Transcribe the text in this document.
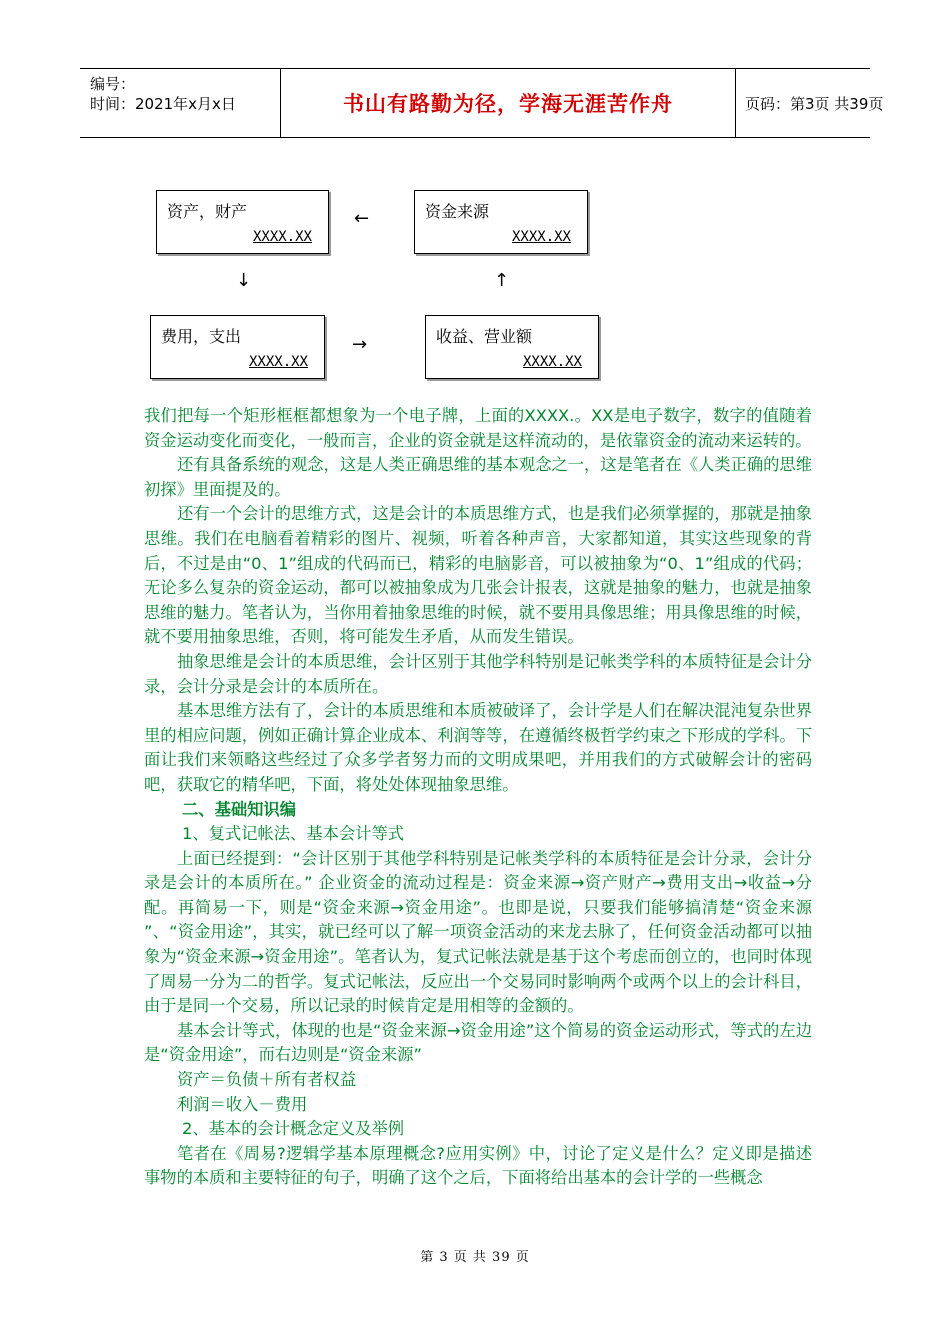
编号：
时间：2021年x月x日	书山有路勤为径，学海无涯苦作舟	页码：第3页 共39页
资产，财产
XXXX.XX
资金来源
XXXX.XX
费用，支出
XXXX.XX
收益、营业额
XXXX.XX
←
↓	↑
→

我们把每一个矩形框框都想象为一个电子牌，上面的XXXX.。XX是电子数字，数字的值随着资金运动变化而变化，一般而言，企业的资金就是这样流动的，是依靠资金的流动来运转的。

还有具备系统的观念，这是人类正确思维的基本观念之一，这是笔者在《人类正确的思维初探》里面提及的。

还有一个会计的思维方式，这是会计的本质思维方式，也是我们必须掌握的，那就是抽象思维。我们在电脑看着精彩的图片、视频，听着各种声音，大家都知道，其实这些现象的背后，不过是由“0、1”组成的代码而已，精彩的电脑影音，可以被抽象为“0、1”组成的代码；无论多么复杂的资金运动，都可以被抽象成为几张会计报表，这就是抽象的魅力，也就是抽象思维的魅力。笔者认为，当你用着抽象思维的时候，就不要用具像思维；用具像思维的时候，就不要用抽象思维，否则，将可能发生矛盾，从而发生错误。

抽象思维是会计的本质思维，会计区别于其他学科特别是记帐类学科的本质特征是会计分录，会计分录是会计的本质所在。

基本思维方法有了，会计的本质思维和本质被破译了，会计学是人们在解决混沌复杂世界里的相应问题，例如正确计算企业成本、利润等等，在遵循终极哲学约束之下形成的学科。下面让我们来领略这些经过了众多学者努力而的文明成果吧，并用我们的方式破解会计的密码吧，获取它的精华吧，下面，将处处体现抽象思维。

二、基础知识编

1、复式记帐法、基本会计等式

上面已经提到：“会计区别于其他学科特别是记帐类学科的本质特征是会计分录，会计分录是会计的本质所在。” 企业资金的流动过程是：资金来源→资产财产→费用支出→收益→分配。再简易一下，则是“资金来源→资金用途”。也即是说，只要我们能够搞清楚“资金来源 ”、“资金用途”，其实，就已经可以了解一项资金活动的来龙去脉了，任何资金活动都可以抽象为“资金来源→资金用途”。笔者认为，复式记帐法就是基于这个考虑而创立的，也同时体现了周易一分为二的哲学。复式记帐法，反应出一个交易同时影响两个或两个以上的会计科目，由于是同一个交易，所以记录的时候肯定是用相等的金额的。

基本会计等式，体现的也是“资金来源→资金用途”这个简易的资金运动形式，等式的左边是“资金用途”，而右边则是“资金来源”

资产＝负债＋所有者权益

利润＝收入－费用

2、基本的会计概念定义及举例

笔者在《周易?逻辑学基本原理概念?应用实例》中，讨论了定义是什么？定义即是描述事物的本质和主要特征的句子，明确了这个之后，下面将给出基本的会计学的一些概念

第 3 页 共 39 页
